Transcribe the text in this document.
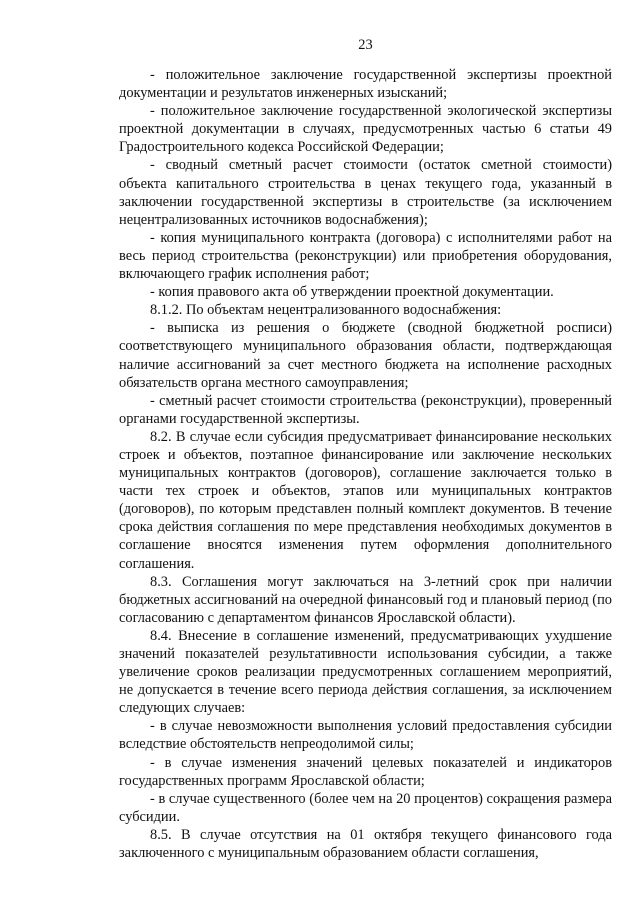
23

- положительное заключение государственной экспертизы проектной документации и результатов инженерных изысканий;

- положительное заключение государственной экологической экспертизы проектной документации в случаях, предусмотренных частью 6 статьи 49 Градостроительного кодекса Российской Федерации;

- сводный сметный расчет стоимости (остаток сметной стоимости) объекта капитального строительства в ценах текущего года, указанный в заключении государственной экспертизы в строительстве (за исключением нецентрализованных источников водоснабжения);

- копия муниципального контракта (договора) с исполнителями работ на весь период строительства (реконструкции) или приобретения оборудования, включающего график исполнения работ;

- копия правового акта об утверждении проектной документации.

8.1.2. По объектам нецентрализованного водоснабжения:

- выписка из решения о бюджете (сводной бюджетной росписи) соответствующего муниципального образования области, подтверждающая наличие ассигнований за счет местного бюджета на исполнение расходных обязательств органа местного самоуправления;

- сметный расчет стоимости строительства (реконструкции), проверенный органами государственной экспертизы.

8.2. В случае если субсидия предусматривает финансирование нескольких строек и объектов, поэтапное финансирование или заключение нескольких муниципальных контрактов (договоров), соглашение заключается только в части тех строек и объектов, этапов или муниципальных контрактов (договоров), по которым представлен полный комплект документов. В течение срока действия соглашения по мере представления необходимых документов в соглашение вносятся изменения путем оформления дополнительного соглашения.

8.3. Соглашения могут заключаться на 3-летний срок при наличии бюджетных ассигнований на очередной финансовый год и плановый период (по согласованию с департаментом финансов Ярославской области).

8.4. Внесение в соглашение изменений, предусматривающих ухудшение значений показателей результативности использования субсидии, а также увеличение сроков реализации предусмотренных соглашением мероприятий, не допускается в течение всего периода действия соглашения, за исключением следующих случаев:

- в случае невозможности выполнения условий предоставления субсидии вследствие обстоятельств непреодолимой силы;

- в случае изменения значений целевых показателей и индикаторов государственных программ Ярославской области;

- в случае существенного (более чем на 20 процентов) сокращения размера субсидии.

8.5. В случае отсутствия на 01 октября текущего финансового года заключенного с муниципальным образованием области соглашения,
